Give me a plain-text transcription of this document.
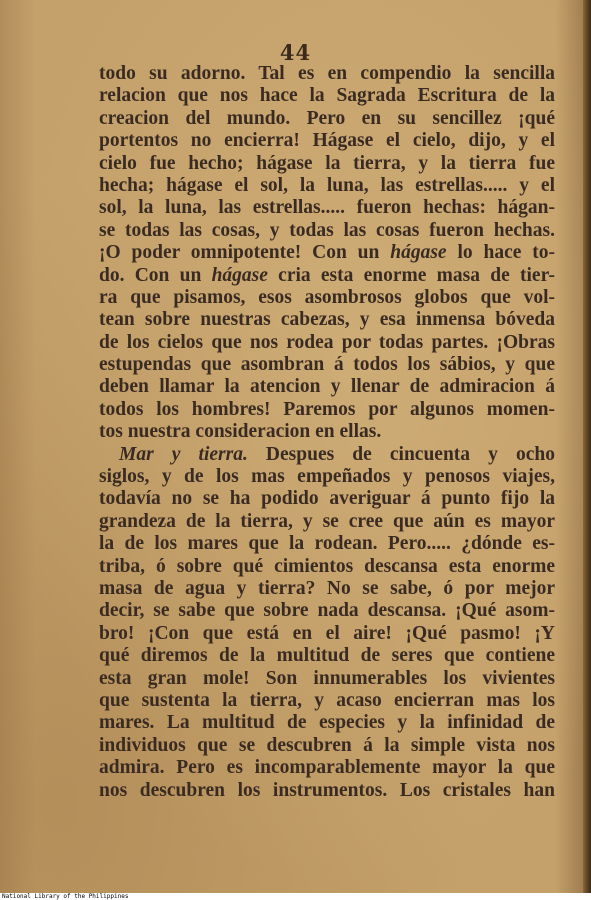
44
todo su adorno. Tal es en compendio la sencilla
relacion que nos hace la Sagrada Escritura de la
creacion del mundo. Pero en su sencillez ¡qué
portentos no encierra! Hágase el cielo, dijo, y el
cielo fue hecho; hágase la tierra, y la tierra fue
hecha; hágase el sol, la luna, las estrellas..... y el
sol, la luna, las estrellas..... fueron hechas: hágan-
se todas las cosas, y todas las cosas fueron hechas.
¡O poder omnipotente! Con un hágase lo hace to-
do. Con un hágase cria esta enorme masa de tier-
ra que pisamos, esos asombrosos globos que vol-
tean sobre nuestras cabezas, y esa inmensa bóveda
de los cielos que nos rodea por todas partes. ¡Obras
estupendas que asombran á todos los sábios, y que
deben llamar la atencion y llenar de admiracion á
todos los hombres! Paremos por algunos momen-
tos nuestra consideracion en ellas.
Mar y tierra. Despues de cincuenta y ocho
siglos, y de los mas empeñados y penosos viajes,
todavía no se ha podido averiguar á punto fijo la
grandeza de la tierra, y se cree que aún es mayor
la de los mares que la rodean. Pero..... ¿dónde es-
triba, ó sobre qué cimientos descansa esta enorme
masa de agua y tierra? No se sabe, ó por mejor
decir, se sabe que sobre nada descansa. ¡Qué asom-
bro! ¡Con que está en el aire! ¡Qué pasmo! ¡Y
qué diremos de la multitud de seres que contiene
esta gran mole! Son innumerables los vivientes
que sustenta la tierra, y acaso encierran mas los
mares. La multitud de especies y la infinidad de
individuos que se descubren á la simple vista nos
admira. Pero es incomparablemente mayor la que
nos descubren los instrumentos. Los cristales han
National Library of the Philippines
